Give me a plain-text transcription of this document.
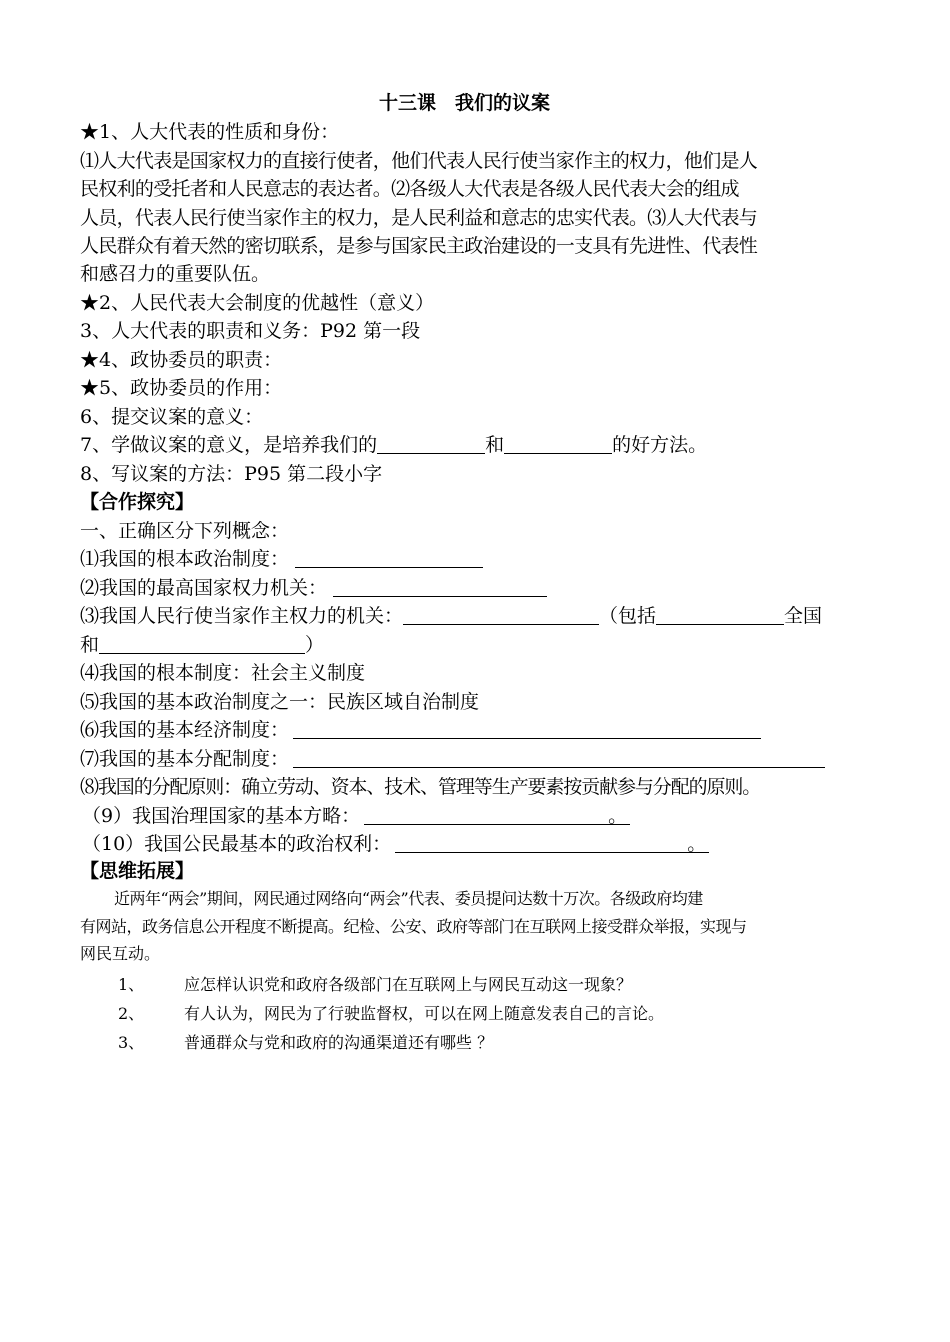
十三课　我们的议案
★1、人大代表的性质和身份：
⑴人大代表是国家权力的直接行使者，他们代表人民行使当家作主的权力，他们是人
民权利的受托者和人民意志的表达者。⑵各级人大代表是各级人民代表大会的组成
人员，代表人民行使当家作主的权力，是人民利益和意志的忠实代表。⑶人大代表与
人民群众有着天然的密切联系，是参与国家民主政治建设的一支具有先进性、代表性
和感召力的重要队伍。
★2、人民代表大会制度的优越性（意义）
3、人大代表的职责和义务：P92 第一段
★4、政协委员的职责：
★5、政协委员的作用：
6、提交议案的意义：
7、学做议案的意义，是培养我们的	和	的好方法。
8、写议案的方法：P95 第二段小字
【合作探究】
一、正确区分下列概念：
⑴我国的根本政治制度：
⑵我国的最高国家权力机关：
⑶我国人民行使当家作主权力的机关：	（包括	全国
和	）
⑷我国的根本制度：社会主义制度
⑸我国的基本政治制度之一：民族区域自治制度
⑹我国的基本经济制度：
⑺我国的基本分配制度：
⑻我国的分配原则：确立劳动、资本、技术、管理等生产要素按贡献参与分配的原则。
（9）我国治理国家的基本方略：	。
（10）我国公民最基本的政治权利：	。
【思维拓展】
近两年“两会”期间，网民通过网络向“两会”代表、委员提问达数十万次。各级政府均建
有网站，政务信息公开程度不断提高。纪检、公安、政府等部门在互联网上接受群众举报，实现与
网民互动。
1、 应怎样认识党和政府各级部门在互联网上与网民互动这一现象？
2、 有人认为，网民为了行驶监督权，可以在网上随意发表自己的言论。
3、 普通群众与党和政府的沟通渠道还有哪些 ？
